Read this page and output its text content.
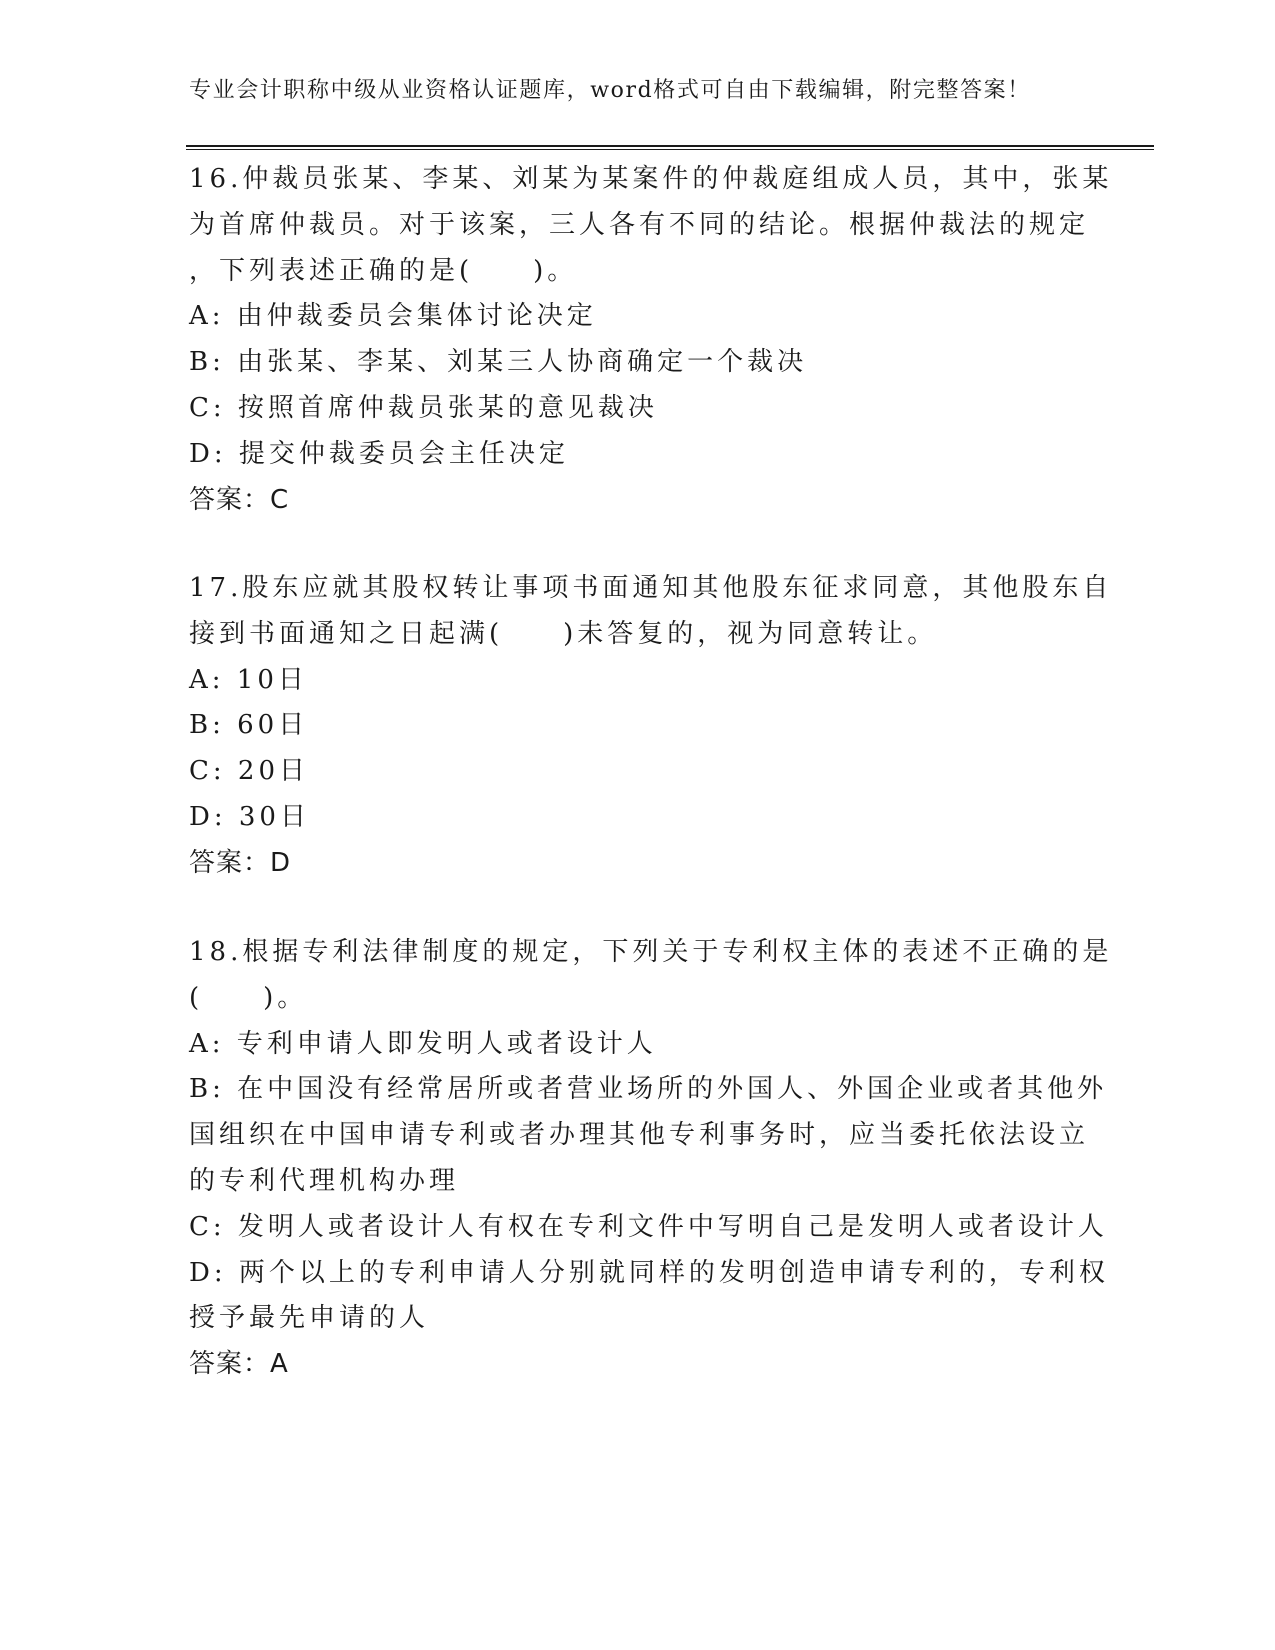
专业会计职称中级从业资格认证题库，word格式可自由下载编辑，附完整答案！
16.仲裁员张某、李某、刘某为某案件的仲裁庭组成人员，其中，张某
为首席仲裁员。对于该案，三人各有不同的结论。根据仲裁法的规定
，下列表述正确的是(　　)。
A: 由仲裁委员会集体讨论决定
B: 由张某、李某、刘某三人协商确定一个裁决
C: 按照首席仲裁员张某的意见裁决
D: 提交仲裁委员会主任决定
答案：C
17.股东应就其股权转让事项书面通知其他股东征求同意，其他股东自
接到书面通知之日起满(　　)未答复的，视为同意转让。
A: 10日
B: 60日
C: 20日
D: 30日
答案：D
18.根据专利法律制度的规定，下列关于专利权主体的表述不正确的是
(　　)。
A: 专利申请人即发明人或者设计人
B: 在中国没有经常居所或者营业场所的外国人、外国企业或者其他外
国组织在中国申请专利或者办理其他专利事务时，应当委托依法设立
的专利代理机构办理
C: 发明人或者设计人有权在专利文件中写明自己是发明人或者设计人
D: 两个以上的专利申请人分别就同样的发明创造申请专利的，专利权
授予最先申请的人
答案：A
